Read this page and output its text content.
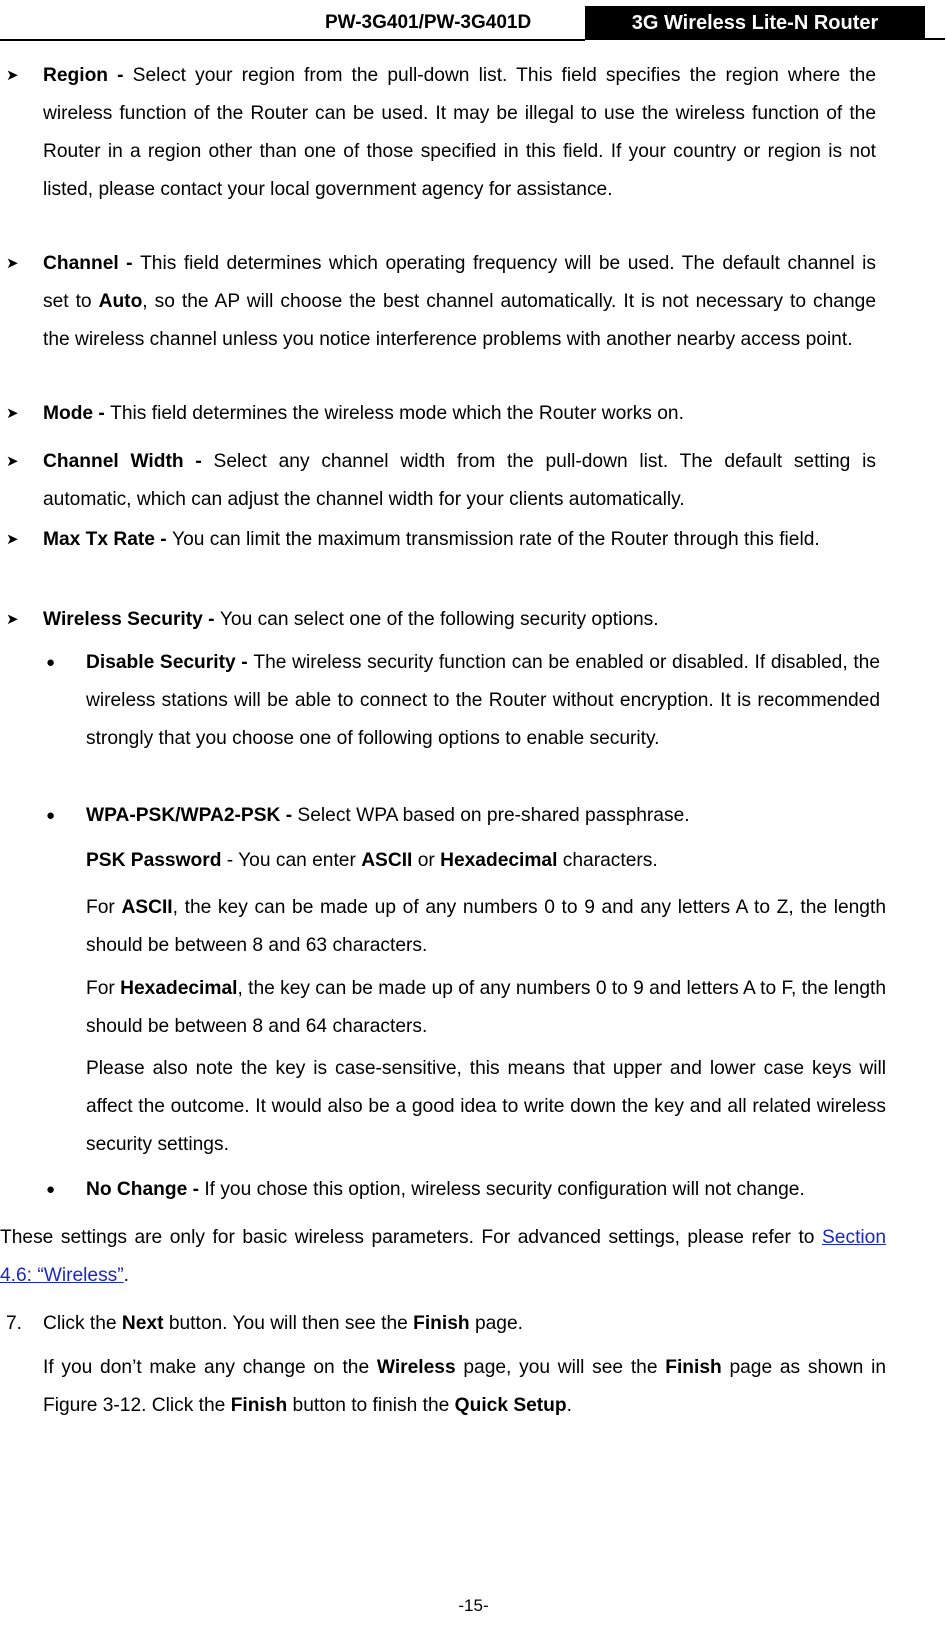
PW-3G401/PW-3G401D	3G Wireless Lite-N Router
➤ Region - Select your region from the pull-down list. This field specifies the region where the wireless function of the Router can be used. It may be illegal to use the wireless function of the Router in a region other than one of those specified in this field. If your country or region is not listed, please contact your local government agency for assistance.
➤ Channel - This field determines which operating frequency will be used. The default channel is set to Auto, so the AP will choose the best channel automatically. It is not necessary to change the wireless channel unless you notice interference problems with another nearby access point.
➤ Mode - This field determines the wireless mode which the Router works on.
➤ Channel Width - Select any channel width from the pull-down list. The default setting is automatic, which can adjust the channel width for your clients automatically.
➤ Max Tx Rate - You can limit the maximum transmission rate of the Router through this field.
➤ Wireless Security - You can select one of the following security options.
● Disable Security - The wireless security function can be enabled or disabled. If disabled, the wireless stations will be able to connect to the Router without encryption. It is recommended strongly that you choose one of following options to enable security.
● WPA-PSK/WPA2-PSK - Select WPA based on pre-shared passphrase.
PSK Password - You can enter ASCII or Hexadecimal characters.
For ASCII, the key can be made up of any numbers 0 to 9 and any letters A to Z, the length should be between 8 and 63 characters.
For Hexadecimal, the key can be made up of any numbers 0 to 9 and letters A to F, the length should be between 8 and 64 characters.
Please also note the key is case-sensitive, this means that upper and lower case keys will affect the outcome. It would also be a good idea to write down the key and all related wireless security settings.
● No Change - If you chose this option, wireless security configuration will not change.
These settings are only for basic wireless parameters. For advanced settings, please refer to Section 4.6: “Wireless”.
7. Click the Next button. You will then see the Finish page.
If you don’t make any change on the Wireless page, you will see the Finish page as shown in Figure 3-12. Click the Finish button to finish the Quick Setup.
-15-
